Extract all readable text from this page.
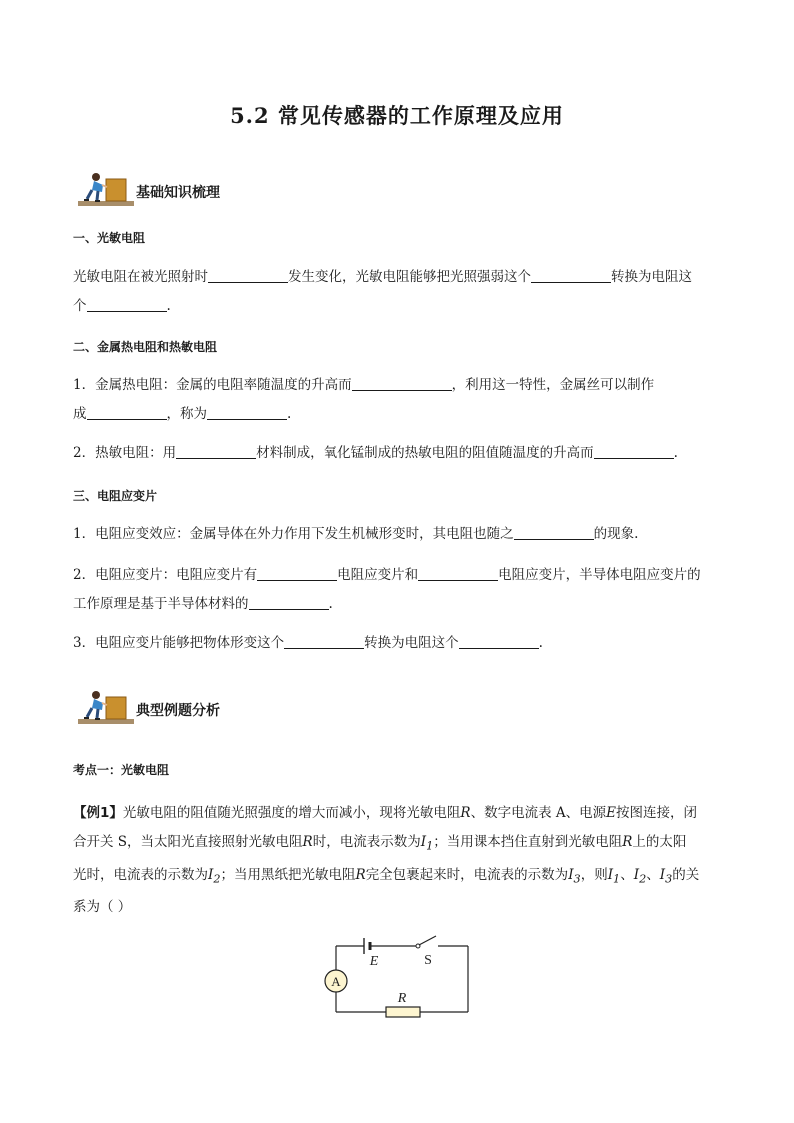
5.2 常见传感器的工作原理及应用
基础知识梳理
一、光敏电阻
光敏电阻在被光照射时	发生变化，光敏电阻能够把光照强弱这个	转换为电阻这
个	.
二、金属热电阻和热敏电阻
1．金属热电阻：金属的电阻率随温度的升高而	，利用这一特性，金属丝可以制作
成	，称为	.
2．热敏电阻：用	材料制成，氧化锰制成的热敏电阻的阻值随温度的升高而	.
三、电阻应变片
1．电阻应变效应：金属导体在外力作用下发生机械形变时，其电阻也随之	的现象.
2．电阻应变片：电阻应变片有	电阻应变片和	电阻应变片，半导体电阻应变片的
工作原理是基于半导体材料的	.
3．电阻应变片能够把物体形变这个	转换为电阻这个	.
典型例题分析
考点一：光敏电阻
【例1】光敏电阻的阻值随光照强度的增大而减小，现将光敏电阻R、数字电流表 A、电源E按图连接，闭
合开关 S，当太阳光直接照射光敏电阻R时，电流表示数为$I_1$；当用课本挡住直射到光敏电阻R上的太阳
光时，电流表的示数为$I_2$；当用黑纸把光敏电阻R完全包裹起来时，电流表的示数为$I_3$，则$I_1$、$I_2$、$I_3$的关
系为（ ）
A
E	S
R
